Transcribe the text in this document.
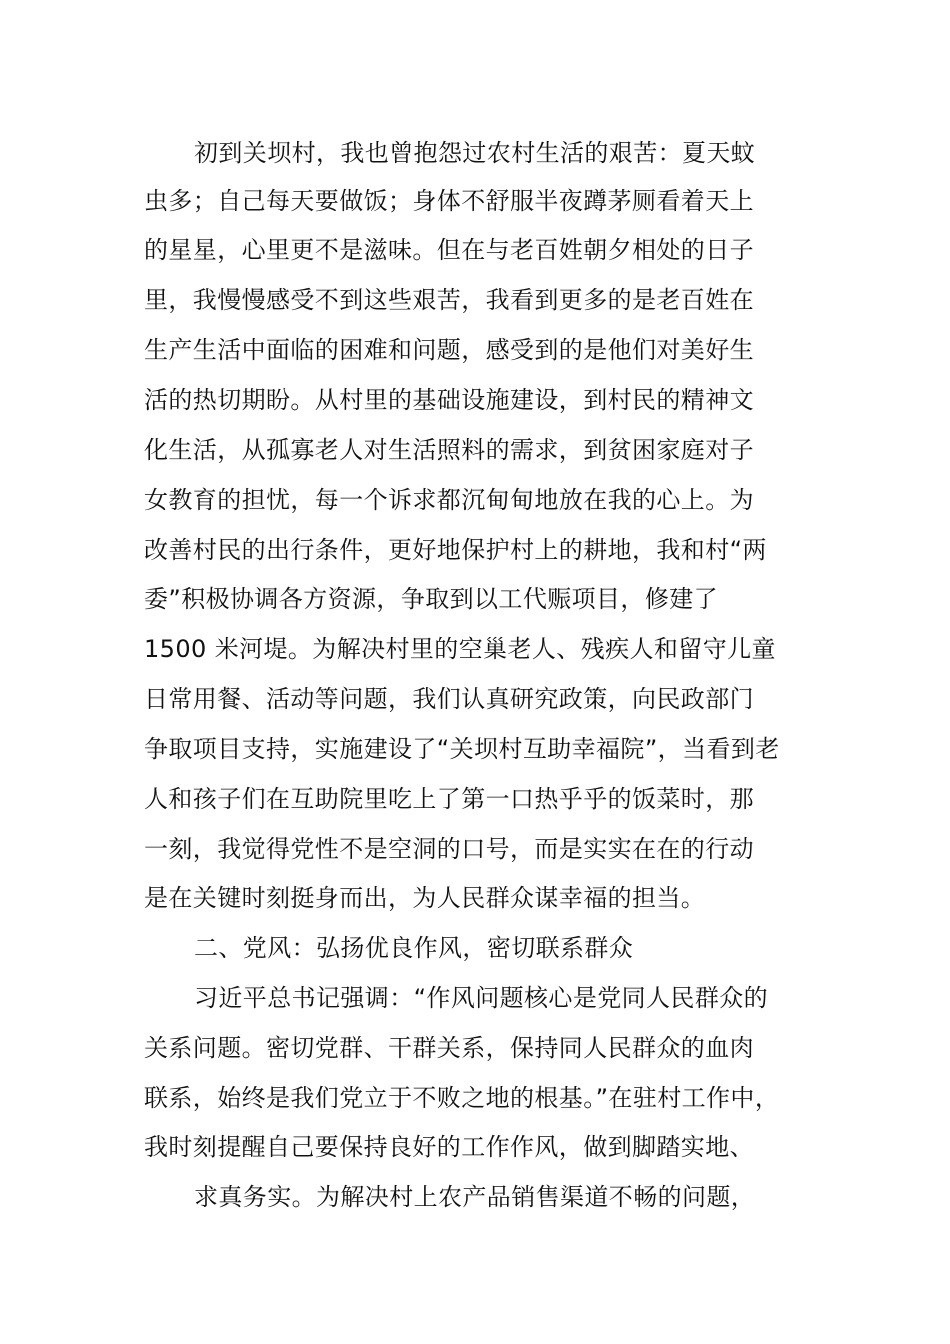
初到关坝村，我也曾抱怨过农村生活的艰苦：夏天蚊
虫多；自己每天要做饭；身体不舒服半夜蹲茅厕看着天上
的星星，心里更不是滋味。但在与老百姓朝夕相处的日子
里，我慢慢感受不到这些艰苦，我看到更多的是老百姓在
生产生活中面临的困难和问题，感受到的是他们对美好生
活的热切期盼。从村里的基础设施建设，到村民的精神文
化生活，从孤寡老人对生活照料的需求，到贫困家庭对子
女教育的担忧，每一个诉求都沉甸甸地放在我的心上。为
改善村民的出行条件，更好地保护村上的耕地，我和村“两
委”积极协调各方资源，争取到以工代赈项目，修建了
1500 米河堤。为解决村里的空巢老人、残疾人和留守儿童
日常用餐、活动等问题，我们认真研究政策，向民政部门
争取项目支持，实施建设了“关坝村互助幸福院”，当看到老
人和孩子们在互助院里吃上了第一口热乎乎的饭菜时，那
一刻，我觉得党性不是空洞的口号，而是实实在在的行动
是在关键时刻挺身而出，为人民群众谋幸福的担当。
二、党风：弘扬优良作风，密切联系群众
习近平总书记强调：“作风问题核心是党同人民群众的
关系问题。密切党群、干群关系，保持同人民群众的血肉
联系，始终是我们党立于不败之地的根基。”在驻村工作中，
我时刻提醒自己要保持良好的工作作风，做到脚踏实地、
求真务实。为解决村上农产品销售渠道不畅的问题，
